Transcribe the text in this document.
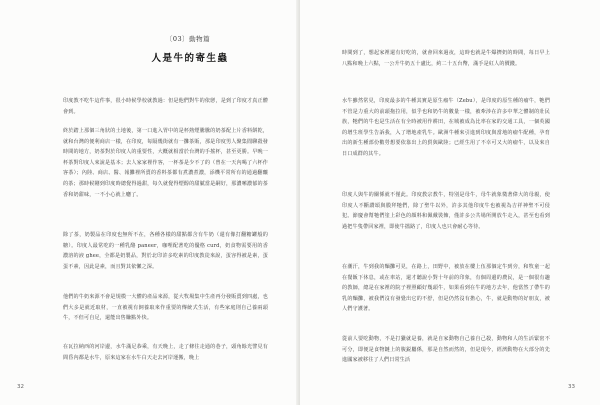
〔03〕動物篇
人是牛的寄生蟲

印度教不吃牛這件事，很小時候學校就教過：但是他們對牛的依戀，是到了印度才真正體會到。

終於踏上那個三角狀的土地後，第一口進入胃中的是杯熱煙騰騰的奶茶配上片香料餅乾，就和台灣的便利商店一樣，在印度，每隔幾街就有一攤茶販，那是印度男人聚集閒聊殺發時間的地方，奶茶對於印度人的重要性，大概就相當於台灣的手搖杯，甚至更勝。早晚一杯茶對印度人來說是基本；去人家家裡作客，一杯茶是少不了的（曾在一天內喝了六杯作客茶）；內陸、商店、醫、報攤裡所賣的香料茶都有煮濃煮濃，添機平常所有的通過翻釀的茶；那時候剛到印度時總覺得過甜，每久就覺得煙醇的甜膩當是嗣好，那濃嗦濃郁的茶香和奶甜味，一不小心就上癮了。

除了茶，奶製品在印度也無所不在，各種各樣的甜點都含有牛奶（還有像打翻糖罐般的糖）。印度人最常吃的一種乳酪 paneer，咖哩配著吃的優格 curd，奶食物需要用的香濃溶的液 ghee，全都是奶製品，對於北印許多吃素的印度教徒來說，蛋容得被是素，蛋蛋不素，因此是素，而且對其依懶之深。

他們的牛奶來源不會是規模一大體的產品來源，從大牧場集中生產再分發販賣到四處，也們大多是就近取材，一直被視有飼養取來作重要的傳統式生活，有些家庭則自己養兩頭牛，不但可自足，還能出售賺點外快。

在瓦拉納西的河岸邊，水牛滿足恭乘，有天晚上，走了條往走通的巷子，頭角餘光譬見有間昏內都是水牛，原來這家在水牛白天走去河岸運搬，晚上

32

時間到了，想起家裡還有好吃的，就會回來過夜，這時也就是牛爆擠奶的時間，每日早上八點和晚上六點，一公升牛奶五十盧比，約二十五台幣，滿手是紅人的價錢。

水牛雖然常見，印度最多的牛種其實是原生瘤牛（Zebu），是印度的原生種的瘤牛，牠們不管是力重大的前頭拖拉用，似乎也和奶牛的數量一樣，被牽涉在許多中華之體制的壯民族，牠們的牛也是生活在有全時被用作耕田，在城被成為比率在家的交通工具，一個英國的增生班學生告訴我，入了增地產乳牛。歐洲牛種來引進到印度與當地的瘤牛配種，孕育出的新生種部份數勞想要依靠出上的貿與歐陸；已經生用了不幸可又大的瘤牛，以及來自日口成群的其牛。

印度人與牛的關係就不僅此。印度教宗教牛，特別是母牛，母牛就象徵著偉大的母親，使印度人不斷讚頌與膜拜牠們，除了聖牛以外，許多其他印度牛也被視為吉祥神聖不可侵犯。節慶會幫牠們塗上彩色的顏料和佩戴裝飾，僅許多公共場所開放牛走入，甚至也看到過把牛隻帶回家裡，即使牛擋路了，印度人也只會耐心等待。

在潮汗，牛到我的麵攤可見，在路上，田野中，被放在樓上伍那個定牛到旁，和牧童一起在餐飯下休息，或在車站，還才聽說小對十年前的印象，有個周邊的農民，是一個很有趣的教師，總是在家裡的院子裡照顧好幾頭牛，如果看到在牛的地方去年，他當然了帶牛的乳的麵攤，被我們沒有發覺出它的不舒，但是仍然沒有擔心，牛，就是動物的好朋友，被人們守護著。

從前人要吃動物，不是打獵就是養，就是自家動物自己養自己殺，動物和人的生活緊密不可分，即便是食物鏈上的腹鋭屬係，那是自然而然的，但是現今，經濟動物在大部分的先進國家被移往了人們日常生活

33
